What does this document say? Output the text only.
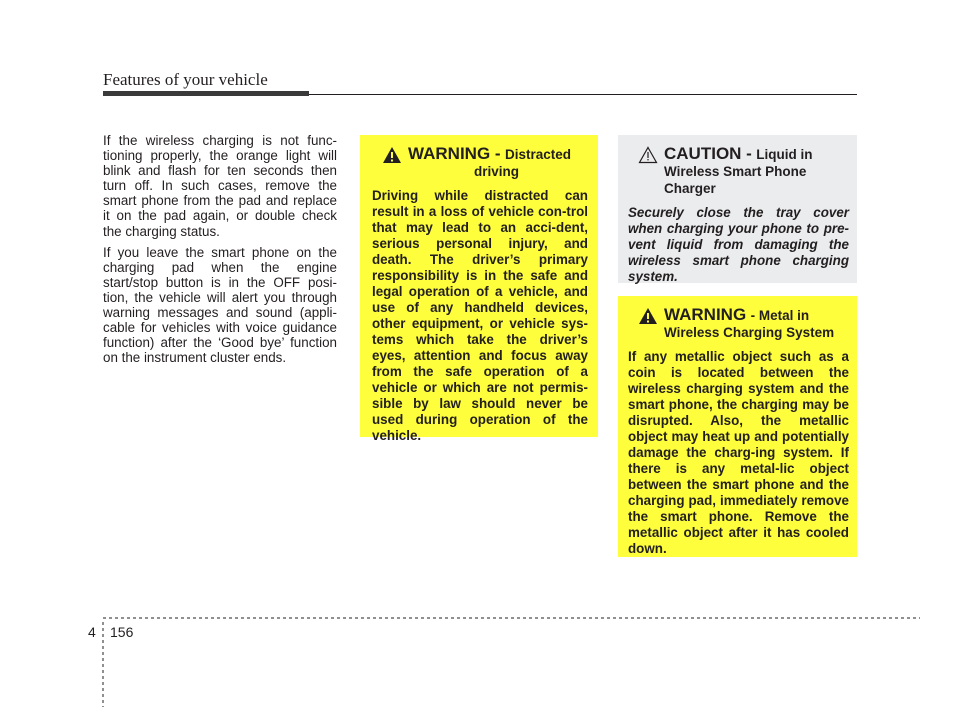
Features of your vehicle

If the wireless charging is not func-tioning properly, the orange light will blink and flash for ten seconds then turn off. In such cases, remove the smart phone from the pad and replace it on the pad again, or double check the charging status.

If you leave the smart phone on the charging pad when the engine start/stop button is in the OFF posi-tion, the vehicle will alert you through warning messages and sound (appli-cable for vehicles with voice guidance function) after the ‘Good bye’ function on the instrument cluster ends.

WARNING - Distracted
driving
Driving while distracted can result in a loss of vehicle con-trol that may lead to an acci-dent, serious personal injury, and death. The driver’s primary responsibility is in the safe and legal operation of a vehicle, and use of any handheld devices, other equipment, or vehicle sys-tems which take the driver’s eyes, attention and focus away from the safe operation of a vehicle or which are not permis-sible by law should never be used during operation of the vehicle.
CAUTION - Liquid in
Wireless Smart Phone
Charger
Securely close the tray cover when charging your phone to pre-vent liquid from damaging the wireless smart phone charging system.
WARNING - Metal in
Wireless Charging System
If any metallic object such as a coin is located between the wireless charging system and the smart phone, the charging may be disrupted. Also, the metallic object may heat up and potentially damage the charg-ing system. If there is any metal-lic object between the smart phone and the charging pad, immediately remove the smart phone. Remove the metallic object after it has cooled down.
4 156
